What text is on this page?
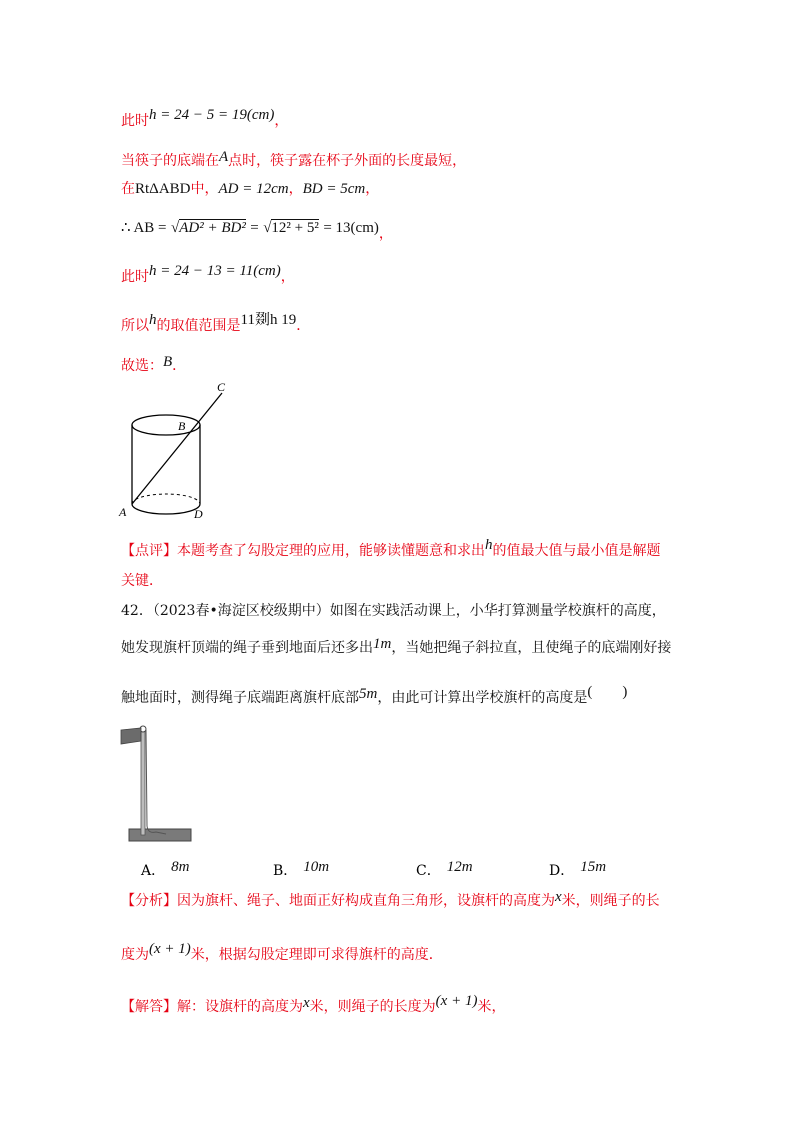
此时h = 24 − 5 = 19(cm)，
当筷子的底端在A点时，筷子露在杯子外面的长度最短，
在RtΔABD中，AD = 12cm，BD = 5cm，
∴ AB = √AD² + BD² = √12² + 5² = 13(cm)，
此时h = 24 − 13 = 11(cm)，
所以h的取值范围是11剟h 19．
故选：B．
C
B
A	D
【点评】本题考查了勾股定理的应用，能够读懂题意和求出h的值最大值与最小值是解题
关键．
42．（2023春•海淀区校级期中）如图在实践活动课上，小华打算测量学校旗杆的高度，
她发现旗杆顶端的绳子垂到地面后还多出1m，当她把绳子斜拉直，且使绳子的底端刚好接
触地面时，测得绳子底端距离旗杆底部5m，由此可计算出学校旗杆的高度是(        )
A． 8m	B． 10m	C． 12m	D． 15m
【分析】因为旗杆、绳子、地面正好构成直角三角形，设旗杆的高度为x米，则绳子的长
度为(x + 1)米，根据勾股定理即可求得旗杆的高度．
【解答】解：设旗杆的高度为x米，则绳子的长度为(x + 1)米，
